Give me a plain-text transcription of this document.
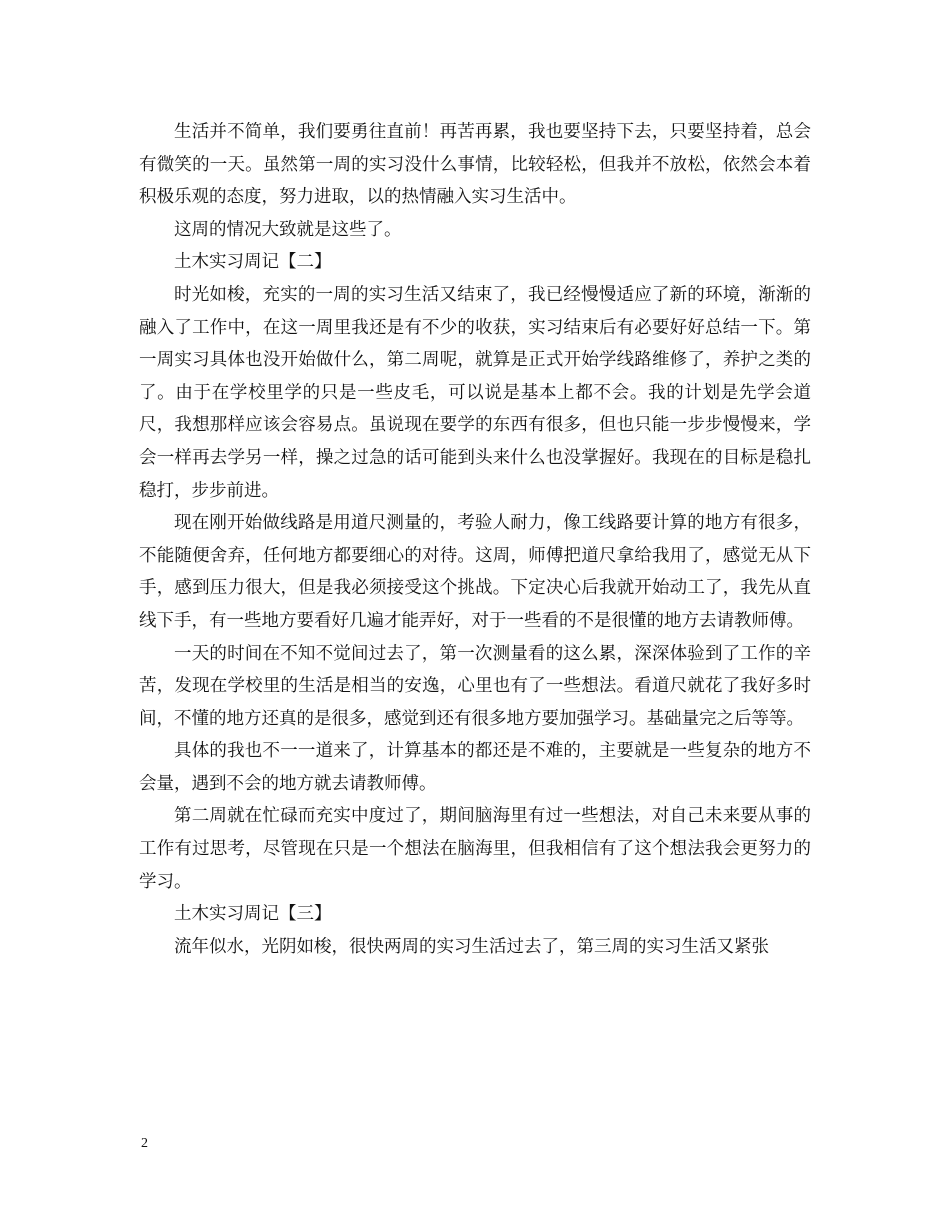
生活并不简单，我们要勇往直前！再苦再累，我也要坚持下去，只要坚持着，总会有微笑的一天。虽然第一周的实习没什么事情，比较轻松，但我并不放松，依然会本着积极乐观的态度，努力进取，以的热情融入实习生活中。

这周的情况大致就是这些了。

土木实习周记【二】

时光如梭，充实的一周的实习生活又结束了，我已经慢慢适应了新的环境，渐渐的融入了工作中，在这一周里我还是有不少的收获，实习结束后有必要好好总结一下。第一周实习具体也没开始做什么，第二周呢，就算是正式开始学线路维修了，养护之类的了。由于在学校里学的只是一些皮毛，可以说是基本上都不会。我的计划是先学会道尺，我想那样应该会容易点。虽说现在要学的东西有很多，但也只能一步步慢慢来，学会一样再去学另一样，操之过急的话可能到头来什么也没掌握好。我现在的目标是稳扎稳打，步步前进。

现在刚开始做线路是用道尺测量的，考验人耐力，像工线路要计算的地方有很多，不能随便舍弃，任何地方都要细心的对待。这周，师傅把道尺拿给我用了，感觉无从下手，感到压力很大，但是我必须接受这个挑战。下定决心后我就开始动工了，我先从直线下手，有一些地方要看好几遍才能弄好，对于一些看的不是很懂的地方去请教师傅。

一天的时间在不知不觉间过去了，第一次测量看的这么累，深深体验到了工作的辛苦，发现在学校里的生活是相当的安逸，心里也有了一些想法。看道尺就花了我好多时间，不懂的地方还真的是很多，感觉到还有很多地方要加强学习。基础量完之后等等。

具体的我也不一一道来了，计算基本的都还是不难的，主要就是一些复杂的地方不会量，遇到不会的地方就去请教师傅。

第二周就在忙碌而充实中度过了，期间脑海里有过一些想法，对自己未来要从事的工作有过思考，尽管现在只是一个想法在脑海里，但我相信有了这个想法我会更努力的学习。

土木实习周记【三】

流年似水，光阴如梭，很快两周的实习生活过去了，第三周的实习生活又紧张

2
